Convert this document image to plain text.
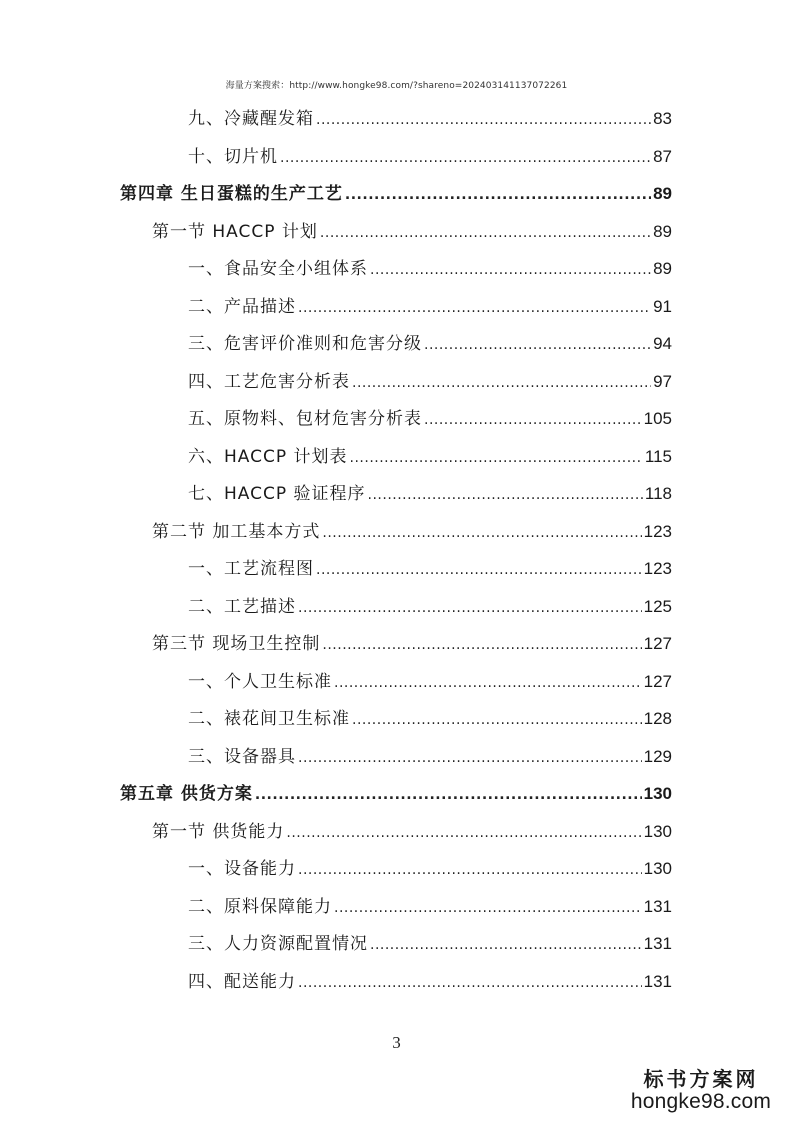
海量方案搜索：http://www.hongke98.com/?shareno=202403141137072261
九、冷藏醒发箱 .....	83
十、切片机 .....	87
第四章 生日蛋糕的生产工艺 .....	89
第一节 HACCP 计划 .....	89
一、食品安全小组体系 .....	89
二、产品描述 .....	91
三、危害评价准则和危害分级 .....	94
四、工艺危害分析表 .....	97
五、原物料、包材危害分析表 .....	105
六、HACCP 计划表 .....	115
七、HACCP 验证程序 .....	118
第二节 加工基本方式 .....	123
一、工艺流程图 .....	123
二、工艺描述 .....	125
第三节 现场卫生控制 .....	127
一、个人卫生标准 .....	127
二、裱花间卫生标准 .....	128
三、设备器具 .....	129
第五章 供货方案 .....	130
第一节 供货能力 .....	130
一、设备能力 .....	130
二、原料保障能力 .....	131
三、人力资源配置情况 .....	131
四、配送能力 .....	131
3
标书方案网
hongke98.com
